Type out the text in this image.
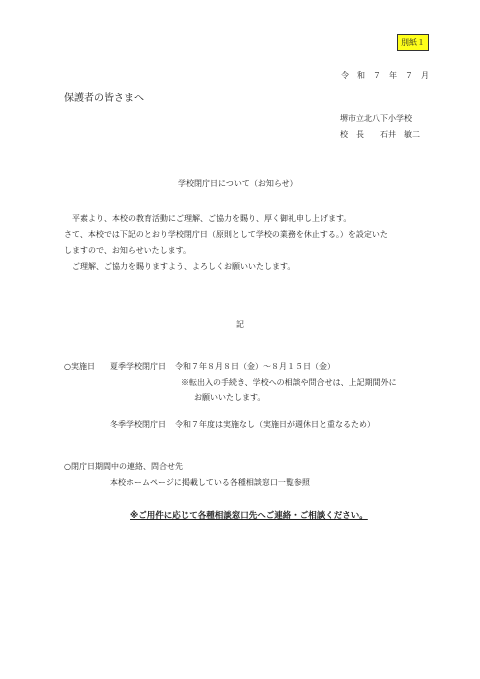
別紙１
令　和　７　年　７　月
保護者の皆さまへ
堺市立北八下小学校
校　長　　石井　敏二
学校閉庁日について（お知らせ）
平素より、本校の教育活動にご理解、ご協力を賜り、厚く御礼申し上げます。
さて、本校では下記のとおり学校閉庁日（原則として学校の業務を休止する。）を設定いた
しますので、お知らせいたします。
ご理解、ご協力を賜りますよう、よろしくお願いいたします。
記
○実施日 夏季学校閉庁日 令和７年８月８日（金）～８月１５日（金）
※転出入の手続き、学校への相談や問合せは、上記期間外に
お願いいたします。
冬季学校閉庁日 令和７年度は実施なし（実施日が週休日と重なるため）
○閉庁日期間中の連絡、問合せ先
本校ホームページに掲載している各種相談窓口一覧参照
※ご用件に応じて各種相談窓口先へご連絡・ご相談ください。
